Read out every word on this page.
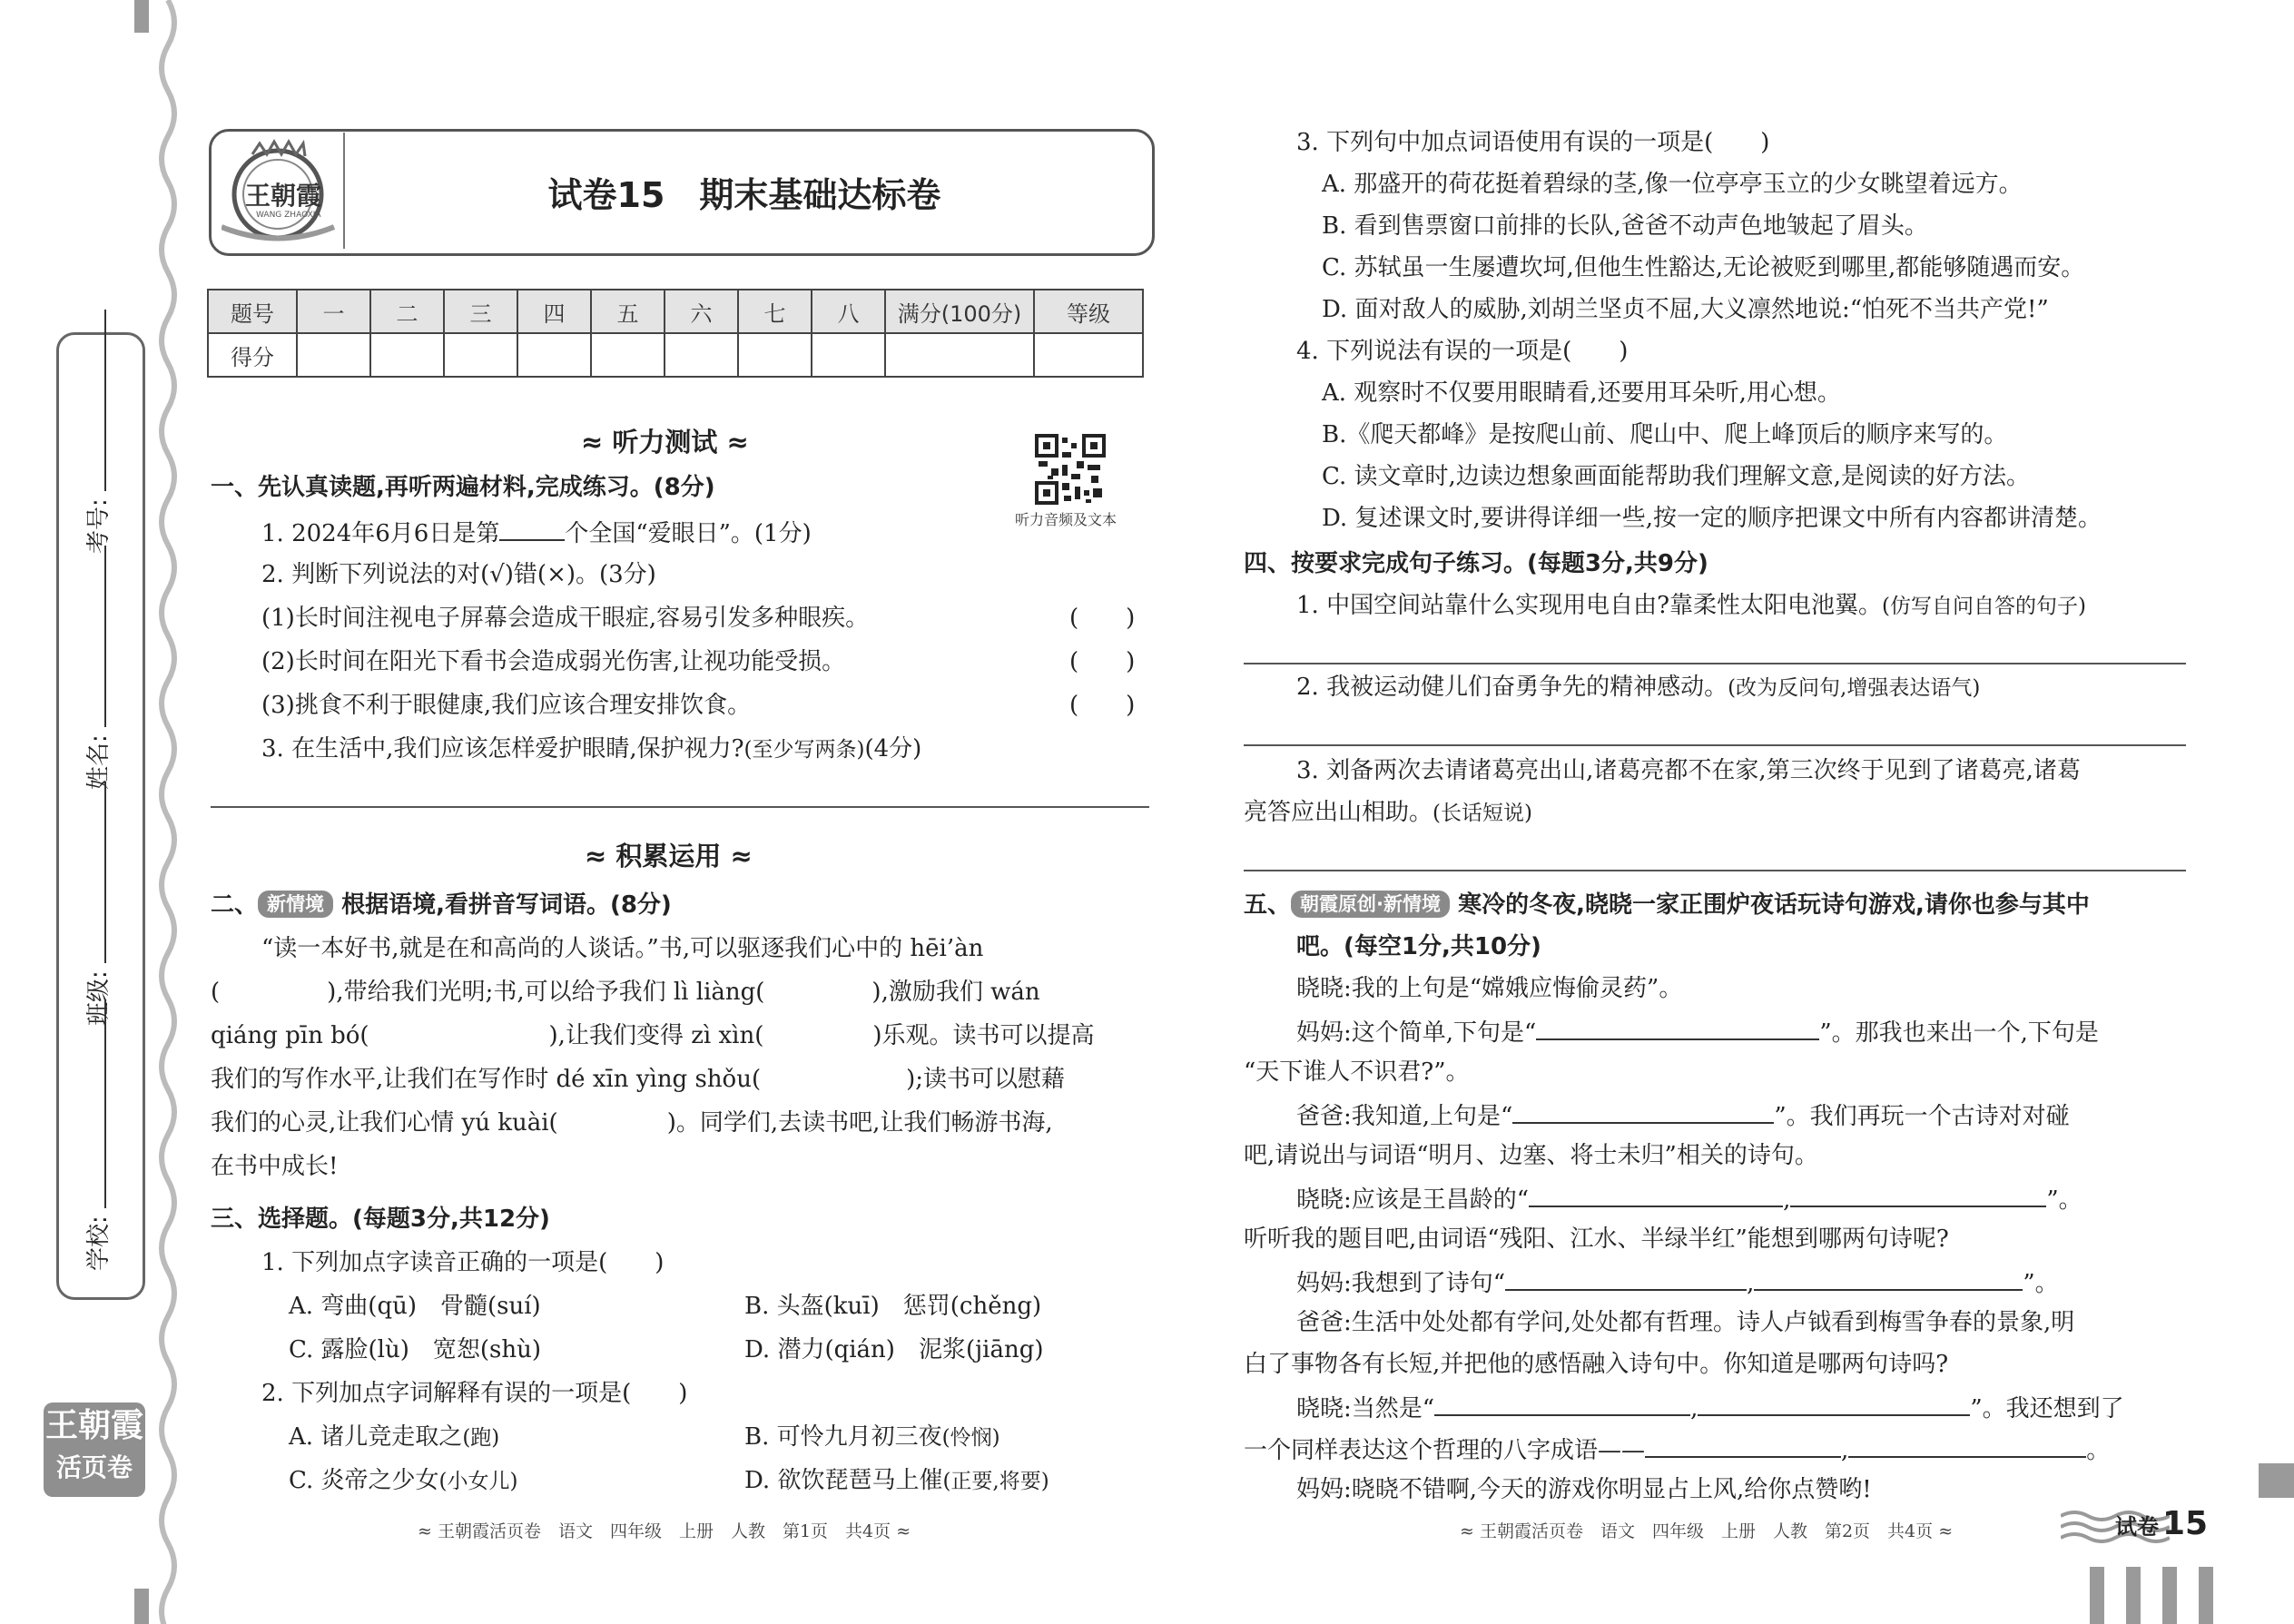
考号:
姓名:
班级:
学校:
王朝霞
活页卷
王朝霞
WANG ZHAOXIA	试卷15　期末基础达标卷
题号	一	二	三	四	五	六	七	八	满分(100分)	等级
得分										
≈ 听力测试 ≈
听力音频及文本
一、先认真读题,再听两遍材料,完成练习。(8分)
1. 2024年6月6日是第	个全国“爱眼日”。(1分)
2. 判断下列说法的对(√)错(×)。(3分)
(1)长时间注视电子屏幕会造成干眼症,容易引发多种眼疾。	(　　)
(2)长时间在阳光下看书会造成弱光伤害,让视功能受损。	(　　)
(3)挑食不利于眼健康,我们应该合理安排饮食。	(　　)
3. 在生活中,我们应该怎样爱护眼睛,保护视力?(至少写两条)(4分)
≈ 积累运用 ≈
二、 新情境 根据语境,看拼音写词语。(8分)
“读一本好书,就是在和高尚的人谈话。”书,可以驱逐我们心中的 hēi’àn
(	),带给我们光明;书,可以给予我们 lì liàng(	),激励我们 wán
qiáng pīn bó(	),让我们变得 zì xìn(	)乐观。读书可以提高
我们的写作水平,让我们在写作时 dé xīn yìng shǒu(	);读书可以慰藉
我们的心灵,让我们心情 yú kuài(	)。同学们,去读书吧,让我们畅游书海,
在书中成长!
三、选择题。(每题3分,共12分)
1. 下列加点字读音正确的一项是(　　)
A. 弯曲(qū)　骨髓(suí)	B. 头盔(kuī)　惩罚(chěng)
C. 露脸(lù)　宽恕(shù)	D. 潜力(qián)　泥浆(jiāng)
2. 下列加点字词解释有误的一项是(　　)
A. 诸儿竞走取之(跑)	B. 可怜九月初三夜(怜悯)
C. 炎帝之少女(小女儿)	D. 欲饮琵琶马上催(正要,将要)
≈ 王朝霞活页卷　语文　四年级　上册　人教　第1页　共4页 ≈
3. 下列句中加点词语使用有误的一项是(　　)
A. 那盛开的荷花挺着碧绿的茎,像一位亭亭玉立的少女眺望着远方。
B. 看到售票窗口前排的长队,爸爸不动声色地皱起了眉头。
C. 苏轼虽一生屡遭坎坷,但他生性豁达,无论被贬到哪里,都能够随遇而安。
D. 面对敌人的威胁,刘胡兰坚贞不屈,大义凛然地说:“怕死不当共产党!”
4. 下列说法有误的一项是(　　)
A. 观察时不仅要用眼睛看,还要用耳朵听,用心想。
B.《爬天都峰》是按爬山前、爬山中、爬上峰顶后的顺序来写的。
C. 读文章时,边读边想象画面能帮助我们理解文意,是阅读的好方法。
D. 复述课文时,要讲得详细一些,按一定的顺序把课文中所有内容都讲清楚。
四、按要求完成句子练习。(每题3分,共9分)
1. 中国空间站靠什么实现用电自由?靠柔性太阳电池翼。(仿写自问自答的句子)
2. 我被运动健儿们奋勇争先的精神感动。(改为反问句,增强表达语气)
3. 刘备两次去请诸葛亮出山,诸葛亮都不在家,第三次终于见到了诸葛亮,诸葛
亮答应出山相助。(长话短说)
五、 朝霞原创·新情境 寒冷的冬夜,晓晓一家正围炉夜话玩诗句游戏,请你也参与其中
吧。(每空1分,共10分)
晓晓:我的上句是“嫦娥应悔偷灵药”。
妈妈:这个简单,下句是“	”。那我也来出一个,下句是
“天下谁人不识君?”。
爸爸:我知道,上句是“	”。我们再玩一个古诗对对碰
吧,请说出与词语“明月、边塞、将士未归”相关的诗句。
晓晓:应该是王昌龄的“	,	”。
听听我的题目吧,由词语“残阳、江水、半绿半红”能想到哪两句诗呢?
妈妈:我想到了诗句“	,	”。
爸爸:生活中处处都有学问,处处都有哲理。诗人卢钺看到梅雪争春的景象,明
白了事物各有长短,并把他的感悟融入诗句中。你知道是哪两句诗吗?
晓晓:当然是“	,	”。我还想到了
一个同样表达这个哲理的八字成语——	,	。
妈妈:晓晓不错啊,今天的游戏你明显占上风,给你点赞哟!
≈ 王朝霞活页卷　语文　四年级　上册　人教　第2页　共4页 ≈	试卷 15
